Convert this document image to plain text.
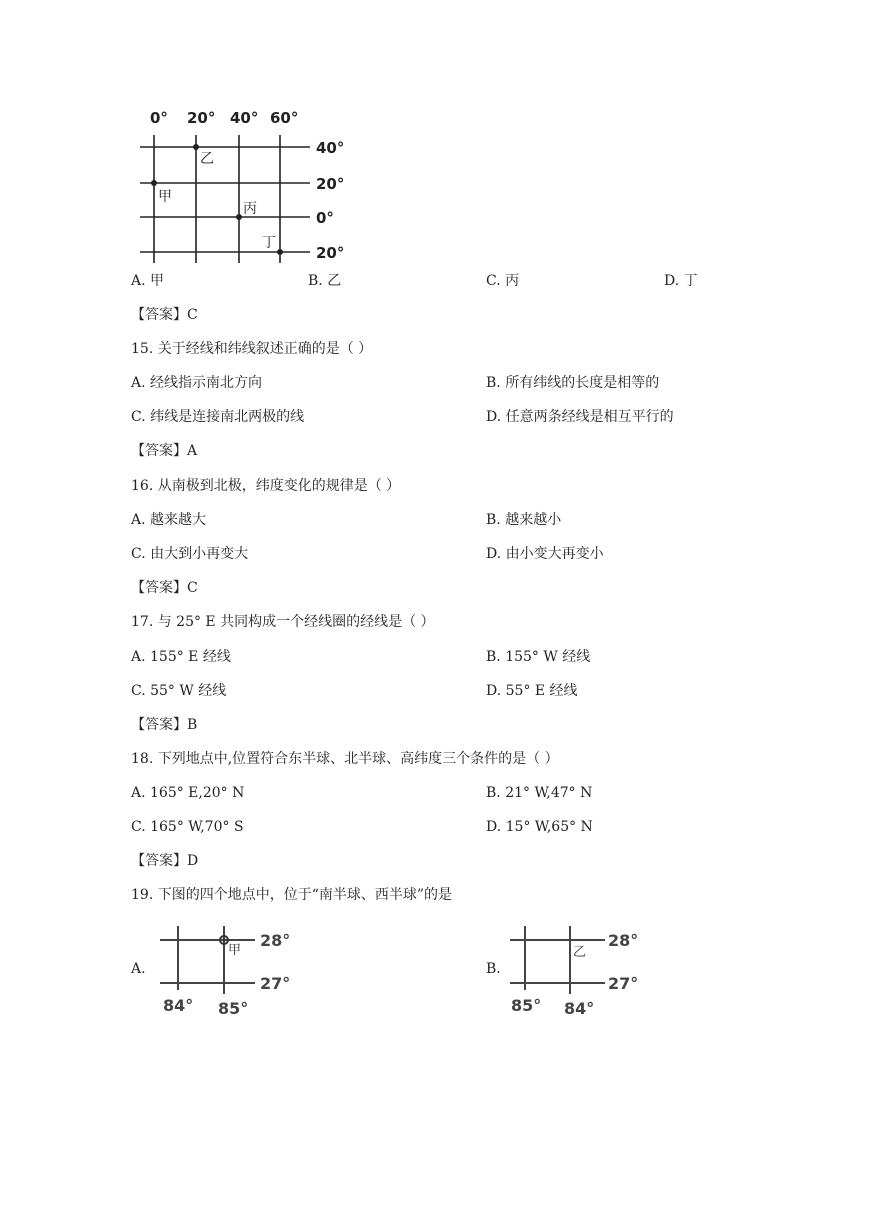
0° 20° 40° 60°
40°
20°
0°
20°
乙
甲
丙
丁
A. 甲	B. 乙	C. 丙	D. 丁
【答案】C
15. 关于经线和纬线叙述正确的是（ ）
A. 经线指示南北方向	B. 所有纬线的长度是相等的
C. 纬线是连接南北两极的线	D. 任意两条经线是相互平行的
【答案】A
16. 从南极到北极，纬度变化的规律是（ ）
A. 越来越大	B. 越来越小
C. 由大到小再变大	D. 由小变大再变小
【答案】C
17. 与 25° E 共同构成一个经线圈的经线是（ ）
A. 155° E 经线	B. 155° W 经线
C. 55° W 经线	D. 55° E 经线
【答案】B
18. 下列地点中,位置符合东半球、北半球、高纬度三个条件的是（ ）
A. 165° E,20° N	B. 21° W,47° N
C. 165° W,70° S	D. 15° W,65° N
【答案】D
19. 下图的四个地点中，位于“南半球、西半球”的是
A.	B.
甲
28°
27°
84° 85°
乙
28°
27°
85° 84°
